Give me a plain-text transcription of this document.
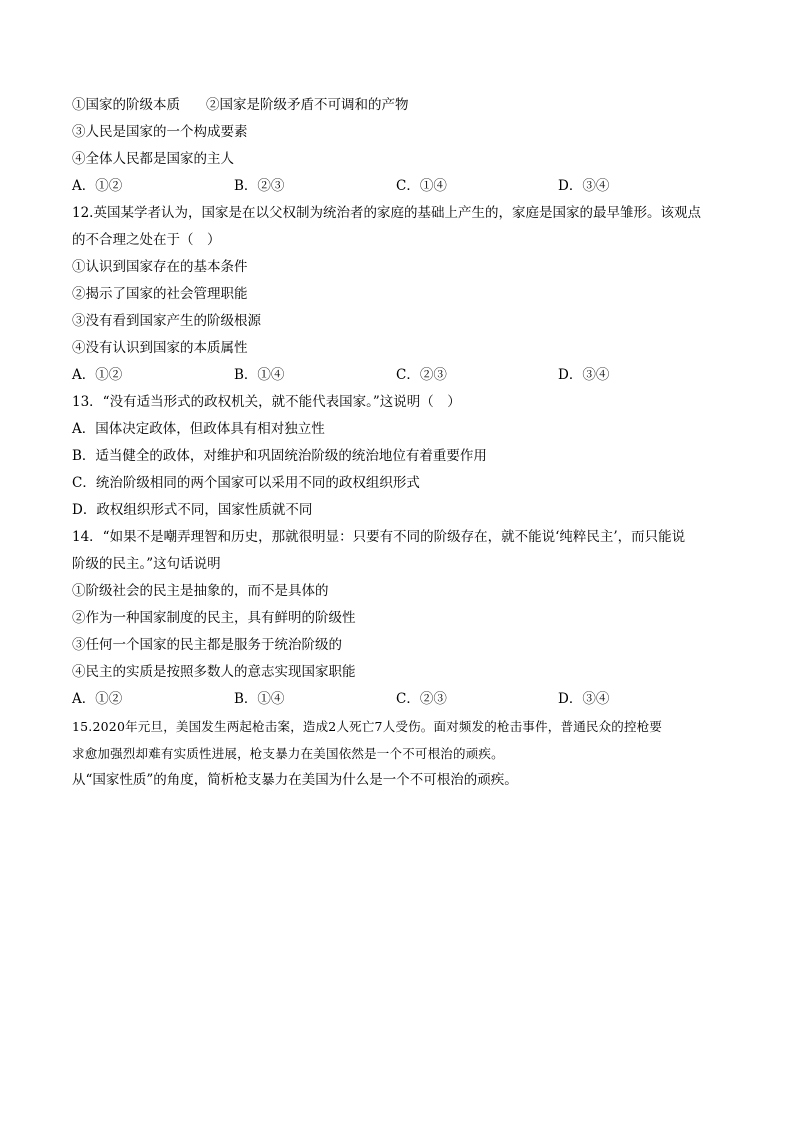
①国家的阶级本质 ②国家是阶级矛盾不可调和的产物
③人民是国家的一个构成要素
④全体人民都是国家的主人
A．①②	B．②③	C．①④	D．③④
12.英国某学者认为，国家是在以父权制为统治者的家庭的基础上产生的，家庭是国家的最早雏形。该观点
的不合理之处在于（　）
①认识到国家存在的基本条件
②揭示了国家的社会管理职能
③没有看到国家产生的阶级根源
④没有认识到国家的本质属性
A．①②	B．①④	C．②③	D．③④
13．“没有适当形式的政权机关，就不能代表国家。”这说明（　）
A．国体决定政体，但政体具有相对独立性
B．适当健全的政体，对维护和巩固统治阶级的统治地位有着重要作用
C．统治阶级相同的两个国家可以采用不同的政权组织形式
D．政权组织形式不同，国家性质就不同
14．“如果不是嘲弄理智和历史，那就很明显：只要有不同的阶级存在，就不能说‘纯粹民主’，而只能说
阶级的民主。”这句话说明
①阶级社会的民主是抽象的，而不是具体的
②作为一种国家制度的民主，具有鲜明的阶级性
③任何一个国家的民主都是服务于统治阶级的
④民主的实质是按照多数人的意志实现国家职能
A．①②	B．①④	C．②③	D．③④
15.2020年元旦，美国发生两起枪击案，造成2人死亡7人受伤。面对频发的枪击事件，普通民众的控枪要
求愈加强烈却难有实质性进展，枪支暴力在美国依然是一个不可根治的顽疾。
从“国家性质”的角度，简析枪支暴力在美国为什么是一个不可根治的顽疾。
